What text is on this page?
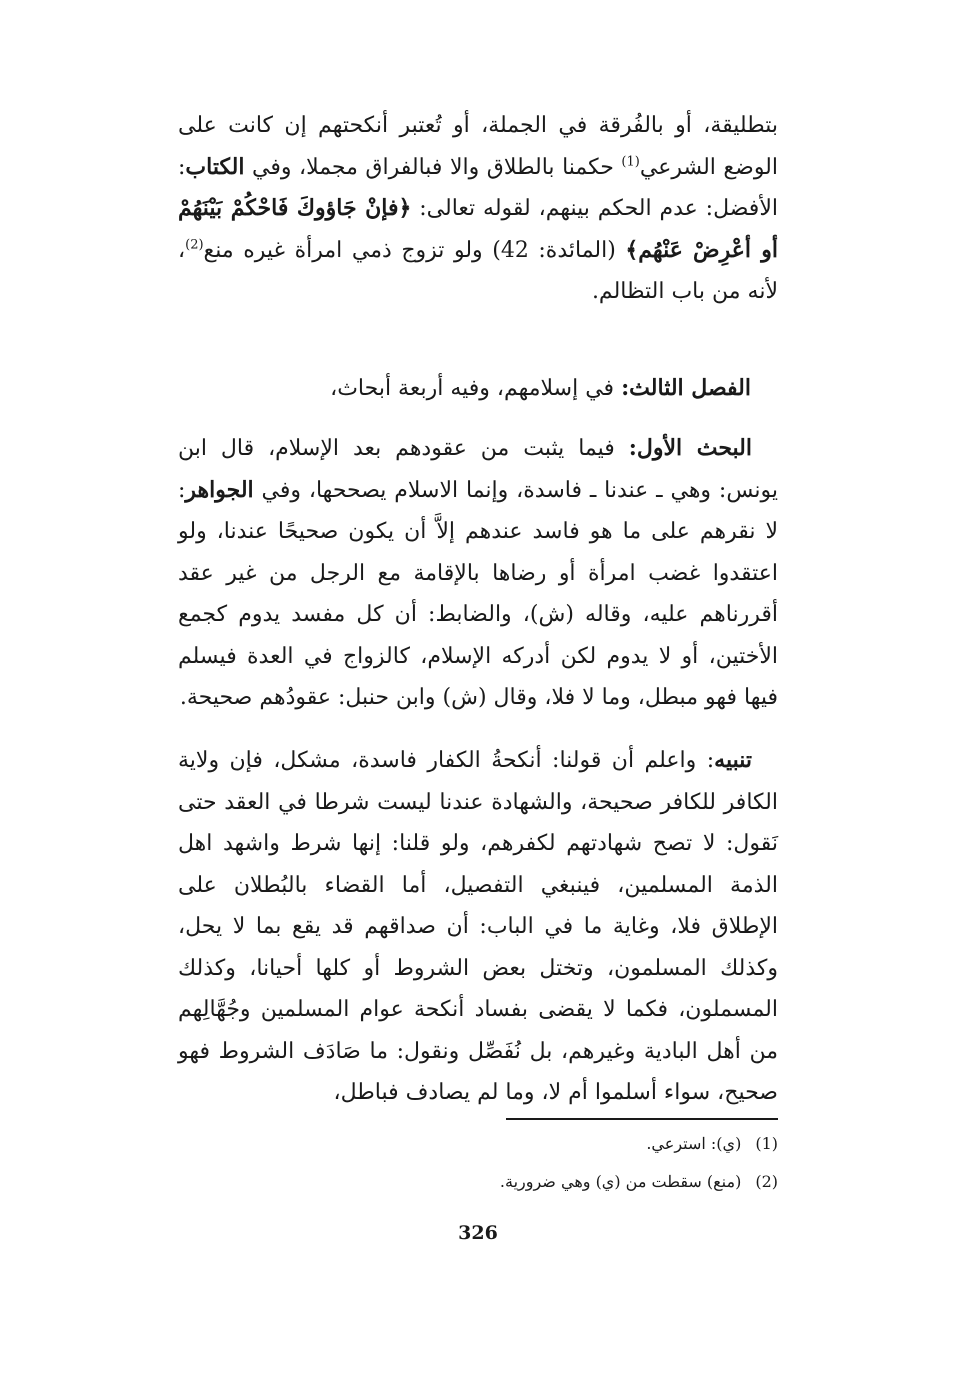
بتطليقة، أو بالفُرقة في الجملة، أو تُعتبر أنكحتهم إن كانت على الوضع الشرعي$^{(1)}$ حكمنا بالطلاق والا فبالفراق مجملا، وفي الكتاب: الأفضل: عدم الحكم بينهم، لقوله تعالى: ﴿فإنْ جَاؤوكَ فَاحْكُمْ بَيْنَهُمْ أو أعْرِضْ عَنْهُم﴾ (المائدة: 42) ولو تزوج ذمي امرأة غيره منع$^{(2)}$، لأنه من باب التظالم.
الفصل الثالث: في إسلامهم، وفيه أربعة أبحاث،
البحث الأول: فيما يثبت من عقودهم بعد الإسلام، قال ابن يونس: وهي ـ عندنا ـ فاسدة، وإنما الاسلام يصححها، وفي الجواهر: لا نقرهم على ما هو فاسد عندهم إلاَّ أن يكون صحيحًا عندنا، ولو اعتقدوا غضب امرأة أو رضاها بالإقامة مع الرجل من غير عقد أقررناهم عليه، وقاله (ش)، والضابط: أن كل مفسد يدوم كجمع الأختين، أو لا يدوم لكن أدركه الإسلام، كالزواج في العدة فيسلم فيها فهو مبطل، وما لا فلا، وقال (ش) وابن حنبل: عقودُهم صحيحة.
تنبيه: واعلم أن قولنا: أنكحةُ الكفار فاسدة، مشكل، فإن ولاية الكافر للكافر صحيحة، والشهادة عندنا ليست شرطا في العقد حتى نَقول: لا تصح شهادتهم لكفرهم، ولو قلنا: إنها شرط واشهد اهل الذمة المسلمين، فينبغي التفصيل، أما القضاء بالبُطلان على الإطلاق فلا، وغاية ما في الباب: أن صداقهم قد يقع بما لا يحل، وكذلك المسلمون، وتختل بعض الشروط أو كلها أحيانا، وكذلك المسملون، فكما لا يقضى بفساد أنكحة عوام المسلمين وجُهَّالِهم من أهل البادية وغيرهم، بل نُفَصِّل ونقول: ما صَادَف الشروط فهو صحيح، سواء أسلموا أم لا، وما لم يصادف فباطل،
(1)(ي): استرعي.
(2)(منع) سقطت من (ي) وهي ضرورية.
326
